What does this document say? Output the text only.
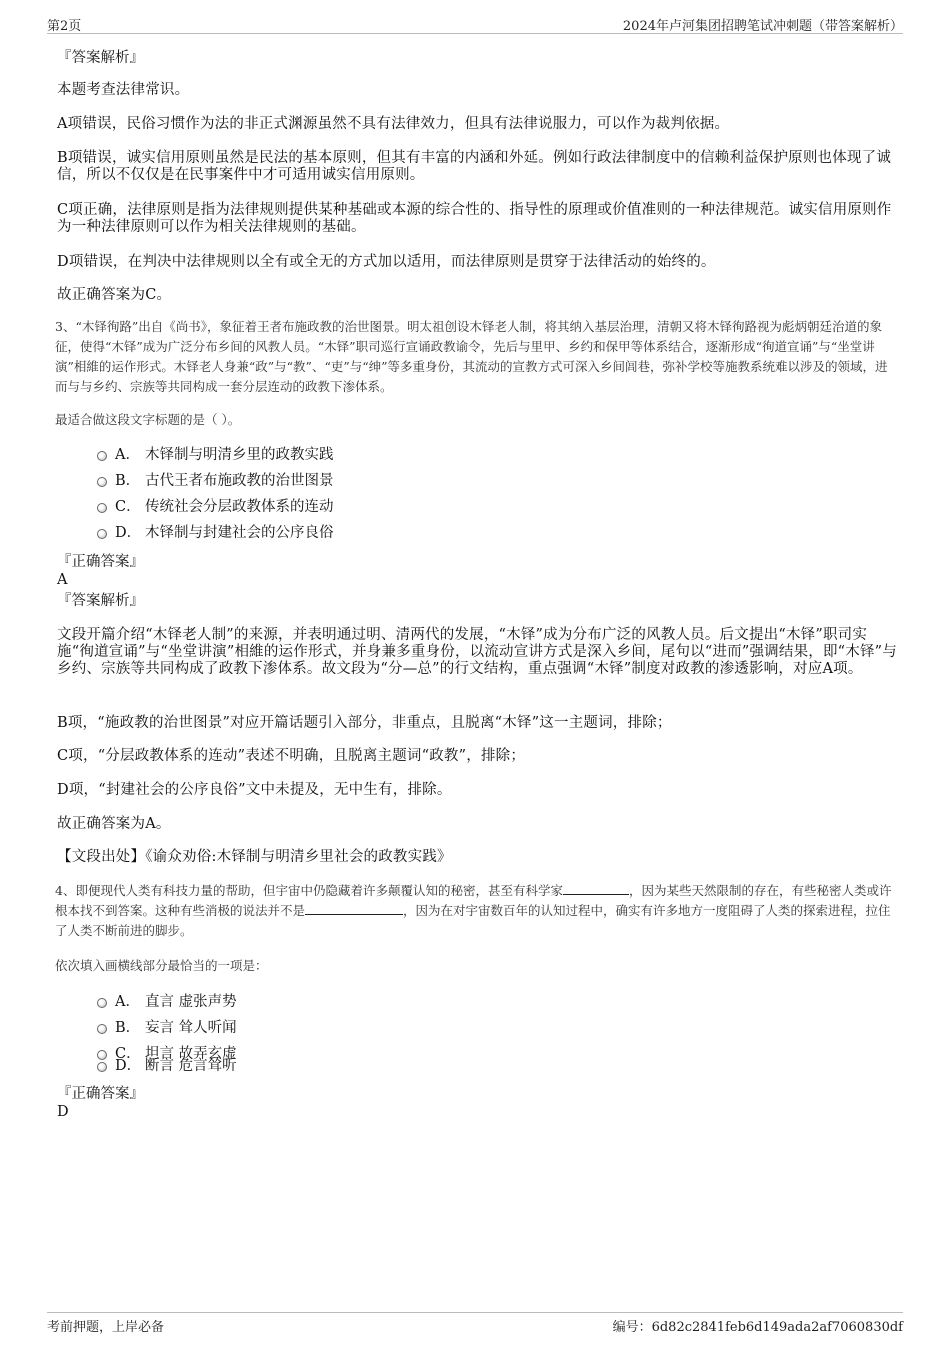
第2页	2024年卢河集团招聘笔试冲刺题（带答案解析）
『答案解析』
本题考查法律常识。
A项错误，民俗习惯作为法的非正式渊源虽然不具有法律效力，但具有法律说服力，可以作为裁判依据。
B项错误，诚实信用原则虽然是民法的基本原则，但其有丰富的内涵和外延。例如行政法律制度中的信赖利益保护原则也体现了诚信，所以不仅仅是在民事案件中才可适用诚实信用原则。
C项正确，法律原则是指为法律规则提供某种基础或本源的综合性的、指导性的原理或价值准则的一种法律规范。诚实信用原则作为一种法律原则可以作为相关法律规则的基础。
D项错误，在判决中法律规则以全有或全无的方式加以适用，而法律原则是贯穿于法律活动的始终的。
故正确答案为C。
3、“木铎徇路”出自《尚书》，象征着王者布施政教的治世图景。明太祖创设木铎老人制，将其纳入基层治理，清朝又将木铎徇路视为彪炳朝廷治道的象征，使得“木铎”成为广泛分布乡间的风教人员。“木铎”职司巡行宣诵政教谕令，先后与里甲、乡约和保甲等体系结合，逐渐形成“徇道宣诵”与“坐堂讲演”相維的运作形式。木铎老人身兼“政”与“教”、“吏”与“绅”等多重身份，其流动的宣教方式可深入乡间闾巷，弥补学校等施教系统难以涉及的领域，进而与与乡约、宗族等共同构成一套分层连动的政教下渗体系。
最适合做这段文字标题的是（ ）。
A． 木铎制与明清乡里的政教实践
B． 古代王者布施政教的治世图景
C． 传统社会分层政教体系的连动
D． 木铎制与封建社会的公序良俗
『正确答案』
A
『答案解析』
文段开篇介绍“木铎老人制”的来源，并表明通过明、清两代的发展，“木铎”成为分布广泛的风教人员。后文提出“木铎”职司实施“徇道宣诵”与“坐堂讲演”相維的运作形式，并身兼多重身份，以流动宣讲方式是深入乡间，尾句以“进而”强调结果，即“木铎”与乡约、宗族等共同构成了政教下渗体系。故文段为“分—总”的行文结构，重点强调“木铎”制度对政教的渗透影响，对应A项。
B项，“施政教的治世图景”对应开篇话题引入部分，非重点，且脱离“木铎”这一主题词，排除；
C项，“分层政教体系的连动”表述不明确，且脱离主题词“政教”，排除；
D项，“封建社会的公序良俗”文中未提及，无中生有，排除。
故正确答案为A。
【文段出处】《谕众劝俗:木铎制与明清乡里社会的政教实践》
4、即便现代人类有科技力量的帮助，但宇宙中仍隐藏着许多颠覆认知的秘密，甚至有科学家	，因为某些天然限制的存在，有些秘密人类或许根本找不到答案。这种有些消极的说法并不是	，因为在对宇宙数百年的认知过程中，确实有许多地方一度阻碍了人类的探索进程，拉住了人类不断前进的脚步。
依次填入画横线部分最恰当的一项是：
A． 直言 虚张声势
B． 妄言 耸人听闻
C． 坦言 故弄玄虚
D． 断言 危言耸听
『正确答案』
D
考前押题，上岸必备	编号：6d82c2841feb6d149ada2af7060830df
